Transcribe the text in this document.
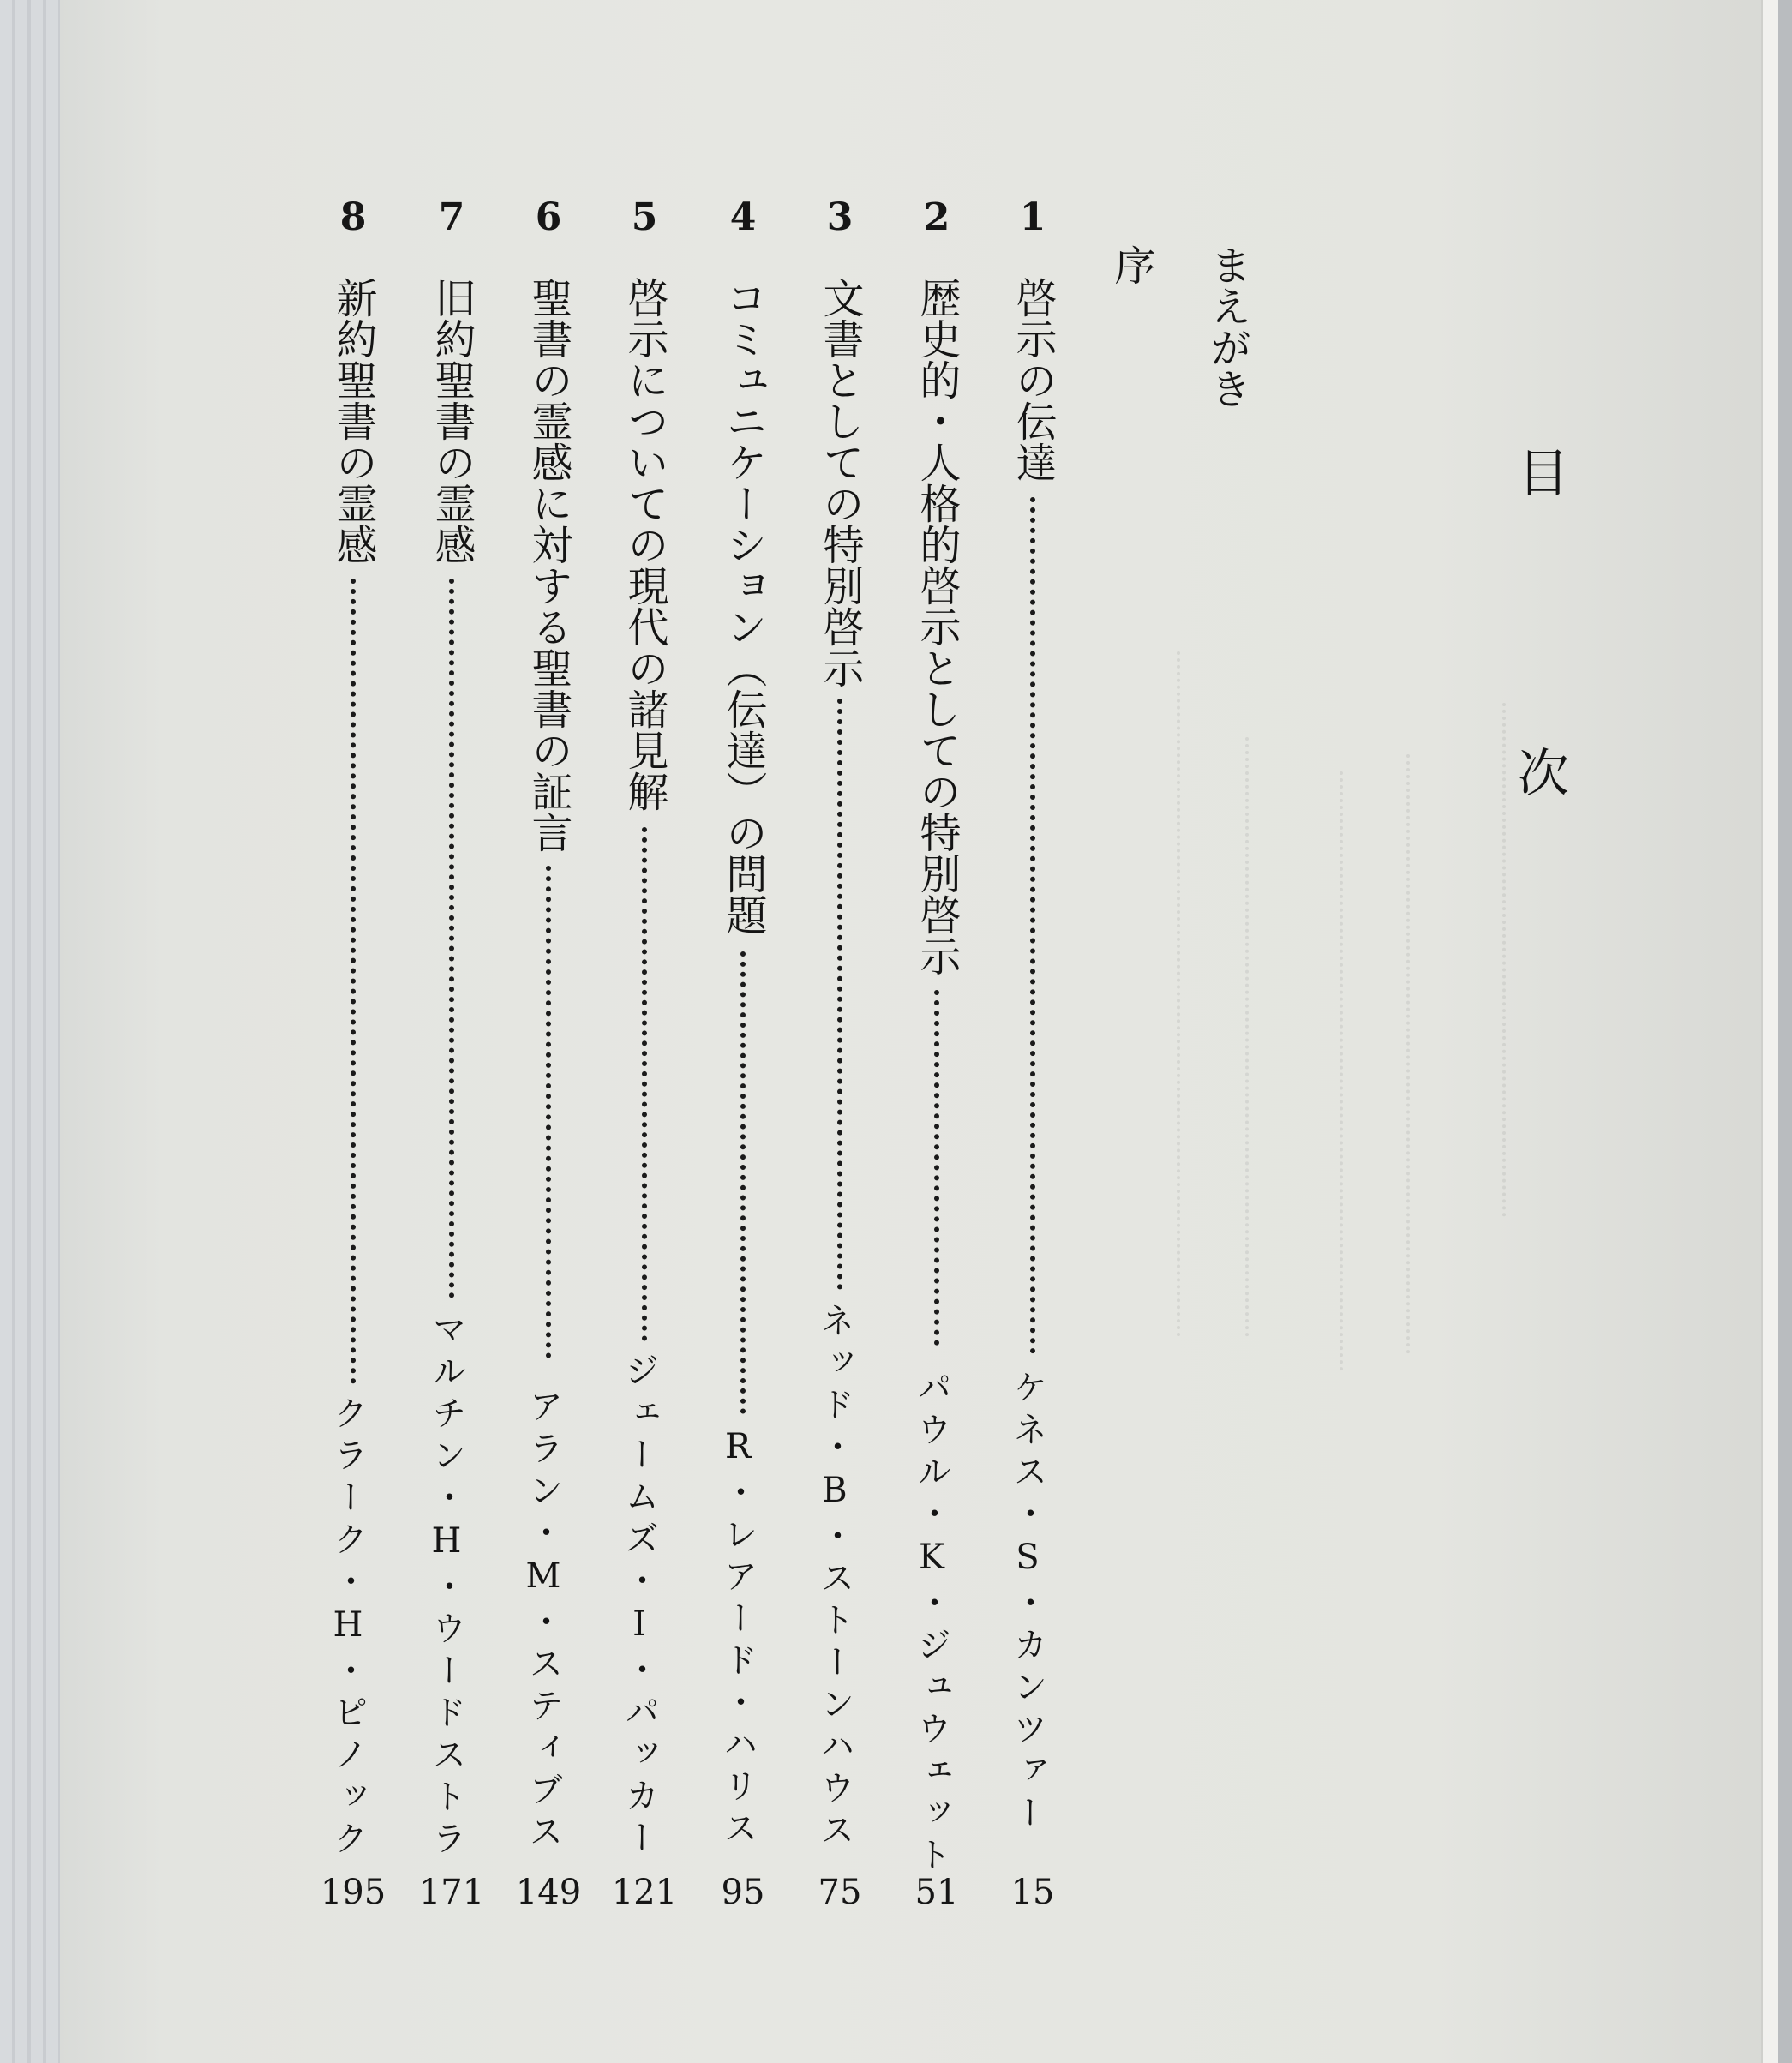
目 次
まえがき
序
1
啓示の伝達
ケネス・S・カンツァー
15
2
歴史的・人格的啓示としての特別啓示
パウル・K・ジュウェット
51
3
文書としての特別啓示
ネッド・B・ストーンハウス
75
4
コミュニケーション（伝達）の問題
R・レアード・ハリス
95
5
啓示についての現代の諸見解
ジェームズ・I・パッカー
121
6
聖書の霊感に対する聖書の証言
アラン・M・スティブス
149
7
旧約聖書の霊感
マルチン・H・ウードストラ
171
8
新約聖書の霊感
クラーク・H・ピノック
195
